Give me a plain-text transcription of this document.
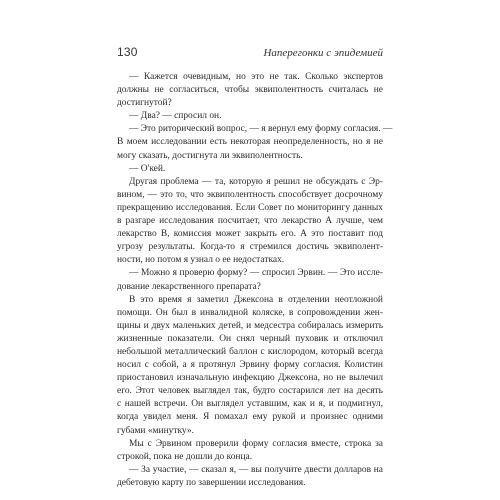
130	Наперегонки с эпидемией
— Кажется очевидным, но это не так. Сколько экспертов
должны не согласиться, чтобы эквиполентность считалась не
достигнутой?
— Два? — спросил он.
— Это риторический вопрос, — я вернул ему форму согласия. —
В моем исследовании есть некоторая неопределенность, но я не
могу сказать, достигнута ли эквиполентность.
— О'кей.
Другая проблема — та, которую я решил не обсуждать с Эр-
вином, — это то, что эквиполентность способствует досрочному
прекращению исследования. Если Совет по мониторингу данных
в разгаре исследования посчитает, что лекарство А лучше, чем
лекарство В, комиссия может закрыть его. А это поставит под
угрозу результаты. Когда-то я стремился достичь эквиполент-
ности, но потом я узнал о ее недостатках.
— Можно я проверю форму? — спросил Эрвин. — Это иссле-
дование лекарственного препарата?
В это время я заметил Джексона в отделении неотложной
помощи. Он был в инвалидной коляске, в сопровождении жен-
щины и двух маленьких детей, и медсестра собиралась измерить
жизненные показатели. Он снял черный пуховик и отключил
небольшой металлический баллон с кислородом, который всегда
носил с собой, а я протянул Эрвину форму согласия. Колистин
приостановил изначальную инфекцию Джексона, но не вылечил
его. Этот человек выглядел так, будто состарился лет на десять
с нашей встречи. Он выглядел уставшим, как и я, и подмигнул,
когда увидел меня. Я помахал ему рукой и произнес одними
губами «минутку».
Мы с Эрвином проверили форму согласия вместе, строка за
строкой, пока не дошли до конца.
— За участие, — сказал я, — вы получите двести долларов на
дебетовую карту по завершении исследования.
